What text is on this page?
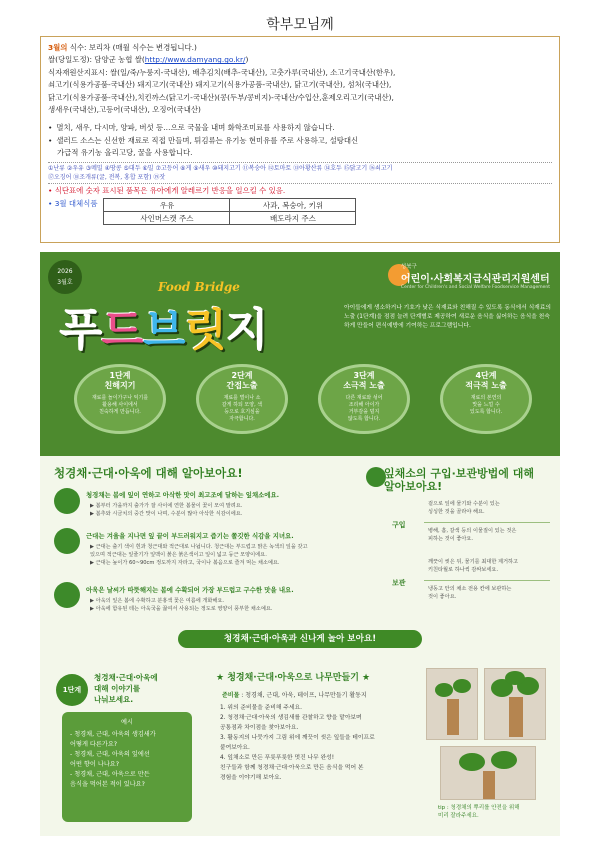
학부모님께
3월의 식수: 보리차 (매월 식수는 변경됩니다.)
쌀(당일도정): 담양군 농협 쌀(http://www.damyang.go.kr/)
식자재원산지표시: 쌀(일/죽/누룽지-국내산), 배추김치(배추-국내산), 고춧가루(국내산), 소고기국내산(한우),
쇠고기(식용가공품-국내산) 돼지고기(국내산) 돼지고기(식용가공품-국내산), 닭고기(국내산), 섬처(국내산),
닭고기(식용가공품-국내산),치킨까스(닭고기-국내산)(콩(두부/콩비지)-국내산/수입산,훈제오리고기(국내산),
생새우(국내산),고등어(국내산), 오징어(국내산)
• 멸치, 새우, 다시마, 양파, 버섯 등…으로 국물을 내며 화학조미료를 사용하지 않습니다.
• 샐러드 소스는 신선한 재료로 직접 만들며, 튀김류는 유기농 현미유를 주로 사용하고, 설탕대신
가급적 유기농 올리고당, 꿀을 사용합니다.
①난류 ②우유 ③메밀 ④땅콩 ⑤대두 ⑥밀 ⑦고등어 ⑧게 ⑨새우 ⑩돼지고기 ⑪복숭아 ⑫토마토 ⑬아황산류 ⑭호두 ⑮닭고기 ⑯쇠고기
⑰오징어 ⑱조개류(굴, 전복, 홍합 포함) ⑲잣
• 식단표에 숫자 표시된 품목은 유아에게 알레르기 반응을 일으킬 수 있음.
• 3월 대체식품	우유	사과, 복숭아, 키위
사인머스캣 주스	배도라지 주스
2026
3월호	Food Bridge
푸드브릿지
성북구
어린이·사회복지급식관리지원센터
Center for Children's and Social Welfare Foodservice Management
아이들에게 생소하거나 기호가 낮은 식재료와 친해질 수 있도록 동식에서 식재료의 노출 (1단계)을 점점 늘려 단계별로 제공하여 새로운 음식을 싫어하는 음식을 천숙하게 만들어 편식예방에 기여하는 프로그램입니다.
1단계
친해지기
재료를 놀이가구나 익기를 활용해 사이에서
친숙하게 만듭니다.
2단계
간접노출
재료를 벌이나 소
갈게 하되 모양, 색
등으로 호기심을
자극합니다.
3단계
소극적 노출
다른 재료와 섞어
조리해 아이가
거부감을 덜지
않도록 합니다.
4단계
적극적 노출
재료의 본연의
맛을 느낄 수
있도록 합니다.
청경채·근대·아욱에 대해 알아보아요!
청경채는 봄에 잎이 연하고 아삭한 맛이 최고조에 달하는 잎채소에요.
▶ 봄부터 가을까지 출가가 잘 사이에 연한 봄물이 꽃이 모여 말려요.
▶ 봄추와 시금치의 중간 맛이 나며, 수분이 많아 아삭한 식감이에요.
근대는 겨울을 지나면 잎 끝이 부드러워지고 즙기는 쫄깃한 식감을 지녀요.
▶ 근대는 출기 색이 흰과 청근대와 적근대로 나뉩니다. 청근대는 부드럽고 맑은 녹색의 잎을 갖고
있으며 적근대는 잎줄기가 잎맥이 붉은 붉은색이고 잎이 넓고 둥근 모양이에요.
▶ 근대는 높이가 60~90cm 정도까지 자라고, 국이나 볶음으로 즐겨 먹는 채소예요.
아욱은 날씨가 따뜻해지는 봄에 수확되어 가장 부드럽고 구수한 맛을 내요.
▶ 아욱의 잎은 봄에 수확하고 분홍색 꽃은 여름에 개화해요.
▶ 아욱에 함유된 테는 아욱국을 끓여서 사용되는 정도로 영양이 풍부한 채소예요.
잎채소의 구입·보관방법에 대해 알아보아요!
구입
겉으로 잎에 물기와 수분이 있는
싱싱한 것을 골라야 해요.
병해, 흠, 갈색 등의 이물질이 있는 것은
피하는 것이 좋아요.
보관
깨끗이 씻은 뒤, 물기를 최대한 제거하고
키친타월로 하나씩 감싸보세요.
냉동고 안의 채소 전용 칸에 보관하는
것이 좋아요.
청경채·근대·아욱과 신나게 놀아 보아요!
1단계
청경채·근대·아욱에
대해 이야기를
나눠보세요.
예시
- 청경채, 근대, 아욱의 생김새가
어떻게 다른가요?
- 청경채, 근대, 아욱의 잎에선
어떤 향이 나나요?
- 청경채, 근대, 아욱으로 만든
음식을 먹어본 적이 있나요?
★ 청경채·근대·아욱으로 나무만들기 ★
준비물 : 청경채, 근대, 아욱, 테이프, 나무만들기 활동지
1. 위의 준비물을 준비해 주세요.
2. 청경채·근대·아욱의 생김새를 관찰하고 향을 맡아보며
공통점과 차이점을 찾아보아요.
3. 활동지의 나뭇가지 그림 위에 깨끗이 씻은 잎들을 테이프로
붙여보아요.
4. 잎채소로 만든 푸릇푸릇한 멋진 나무 완성!
친구들과 함께 청경채·근대·아욱으로 만든 음식을 먹어 본
경험을 이야기해 보아요.
tip : 청경채의 뿌리를 안전을 위해
미리 잘라주세요.
